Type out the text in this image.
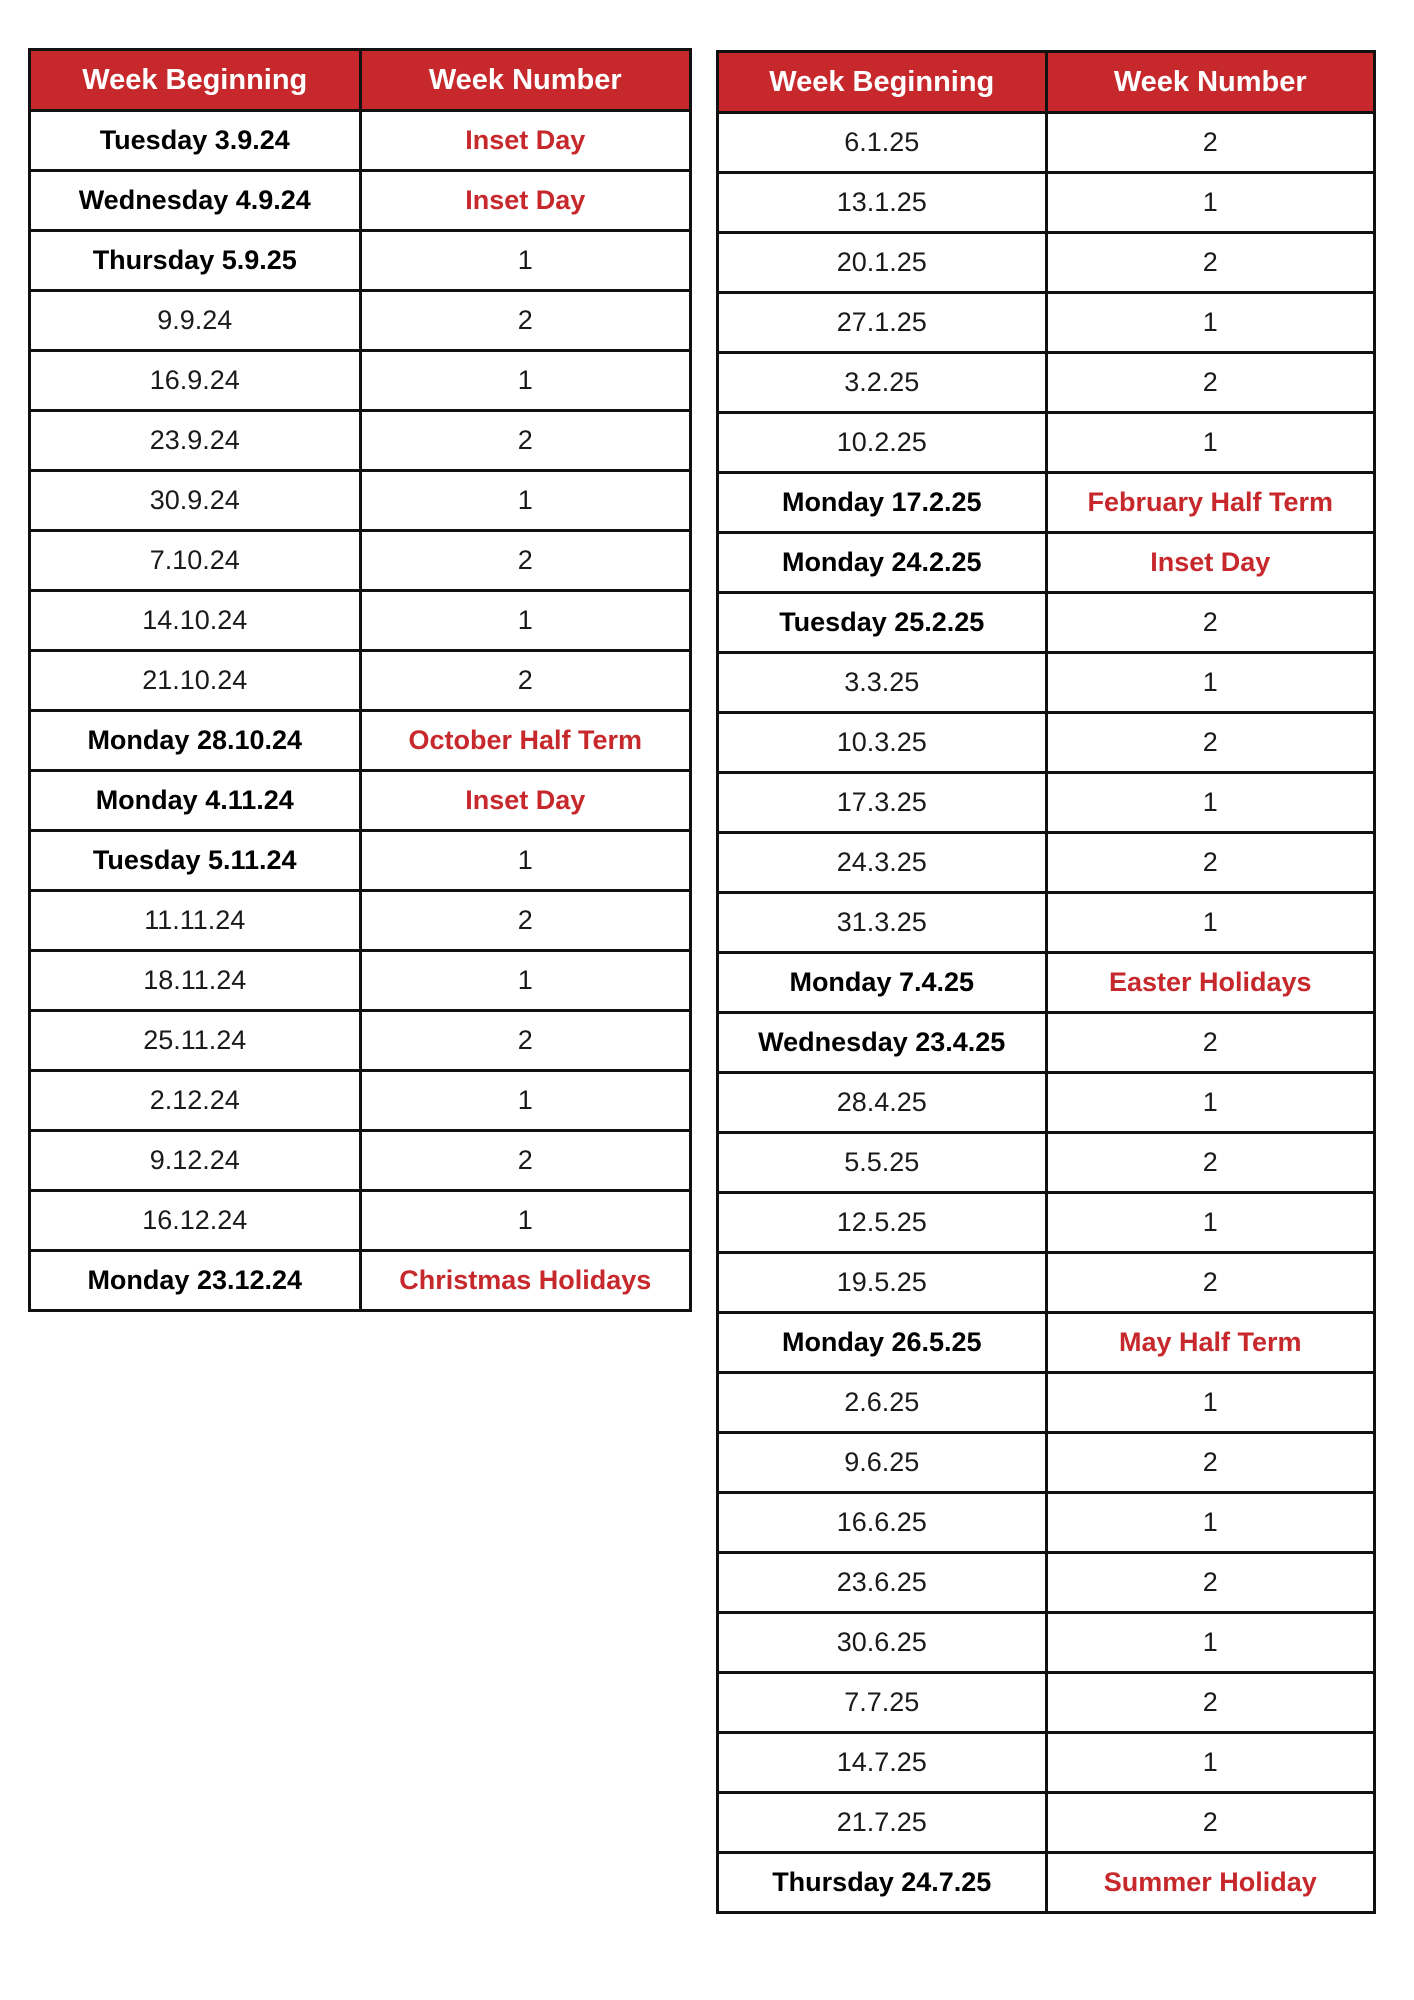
Week Beginning	Week Number
Tuesday 3.9.24	Inset Day
Wednesday 4.9.24	Inset Day
Thursday 5.9.25	1
9.9.24	2
16.9.24	1
23.9.24	2
30.9.24	1
7.10.24	2
14.10.24	1
21.10.24	2
Monday 28.10.24	October Half Term
Monday 4.11.24	Inset Day
Tuesday 5.11.24	1
11.11.24	2
18.11.24	1
25.11.24	2
2.12.24	1
9.12.24	2
16.12.24	1
Monday 23.12.24	Christmas Holidays
Week Beginning	Week Number
6.1.25	2
13.1.25	1
20.1.25	2
27.1.25	1
3.2.25	2
10.2.25	1
Monday 17.2.25	February Half Term
Monday 24.2.25	Inset Day
Tuesday 25.2.25	2
3.3.25	1
10.3.25	2
17.3.25	1
24.3.25	2
31.3.25	1
Monday 7.4.25	Easter Holidays
Wednesday 23.4.25	2
28.4.25	1
5.5.25	2
12.5.25	1
19.5.25	2
Monday 26.5.25	May Half Term
2.6.25	1
9.6.25	2
16.6.25	1
23.6.25	2
30.6.25	1
7.7.25	2
14.7.25	1
21.7.25	2
Thursday 24.7.25	Summer Holiday
